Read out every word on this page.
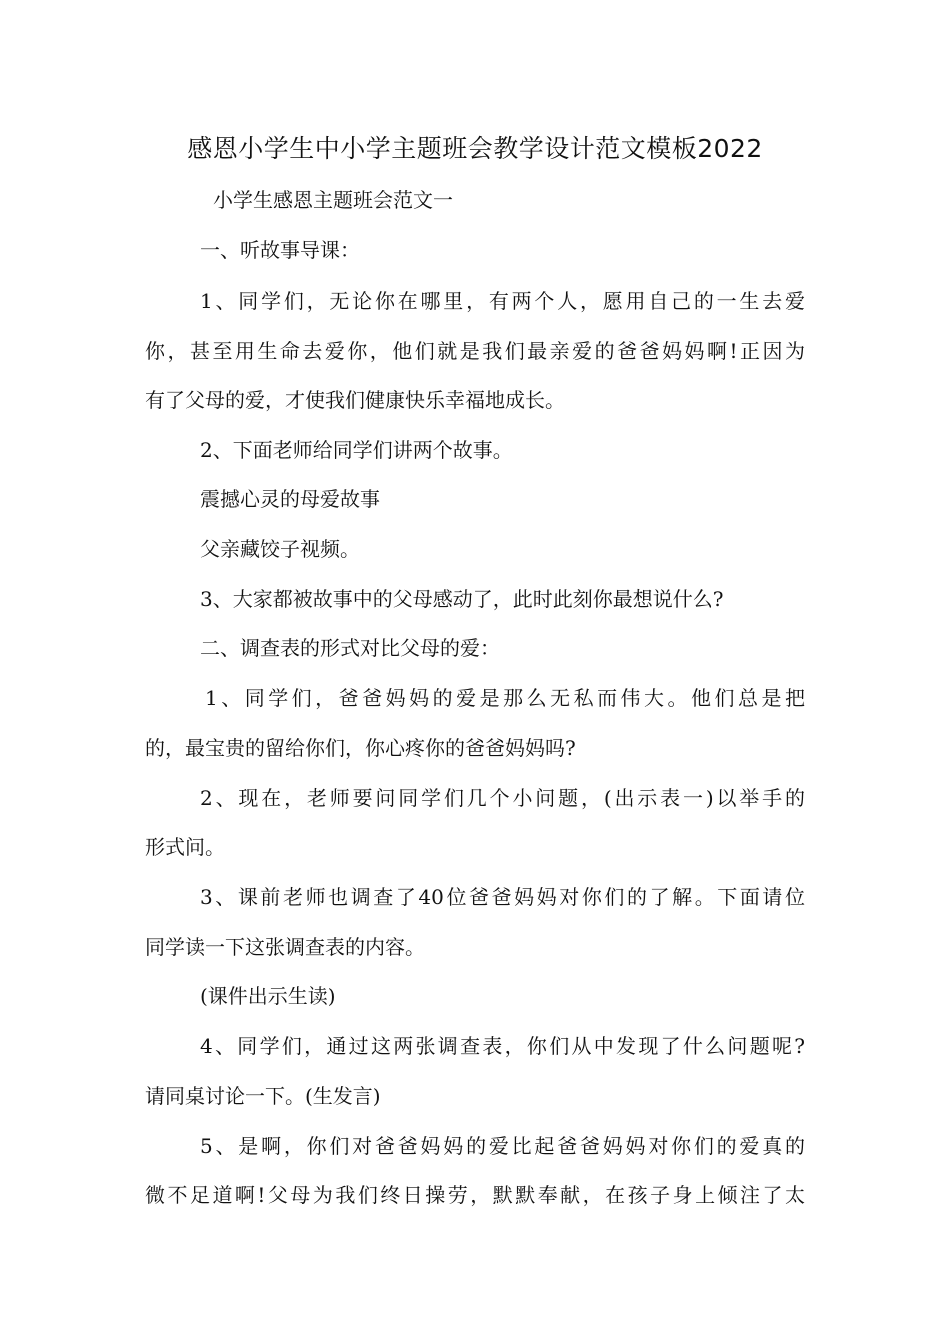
感恩小学生中小学主题班会教学设计范文模板2022
小学生感恩主题班会范文一
一、听故事导课：
1、同学们，无论你在哪里，有两个人，愿用自己的一生去爱
你，甚至用生命去爱你，他们就是我们最亲爱的爸爸妈妈啊!正因为
有了父母的爱，才使我们健康快乐幸福地成长。
2、下面老师给同学们讲两个故事。
震撼心灵的母爱故事
父亲藏饺子视频。
3、大家都被故事中的父母感动了，此时此刻你最想说什么?
二、调查表的形式对比父母的爱：
1、同学们，爸爸妈妈的爱是那么无私而伟大。他们总是把
的，最宝贵的留给你们，你心疼你的爸爸妈妈吗?
2、现在，老师要问同学们几个小问题，(出示表一)以举手的
形式问。
3、课前老师也调查了40位爸爸妈妈对你们的了解。下面请位
同学读一下这张调查表的内容。
(课件出示生读)
4、同学们，通过这两张调查表，你们从中发现了什么问题呢?
请同桌讨论一下。(生发言)
5、是啊，你们对爸爸妈妈的爱比起爸爸妈妈对你们的爱真的
微不足道啊!父母为我们终日操劳，默默奉献，在孩子身上倾注了太
